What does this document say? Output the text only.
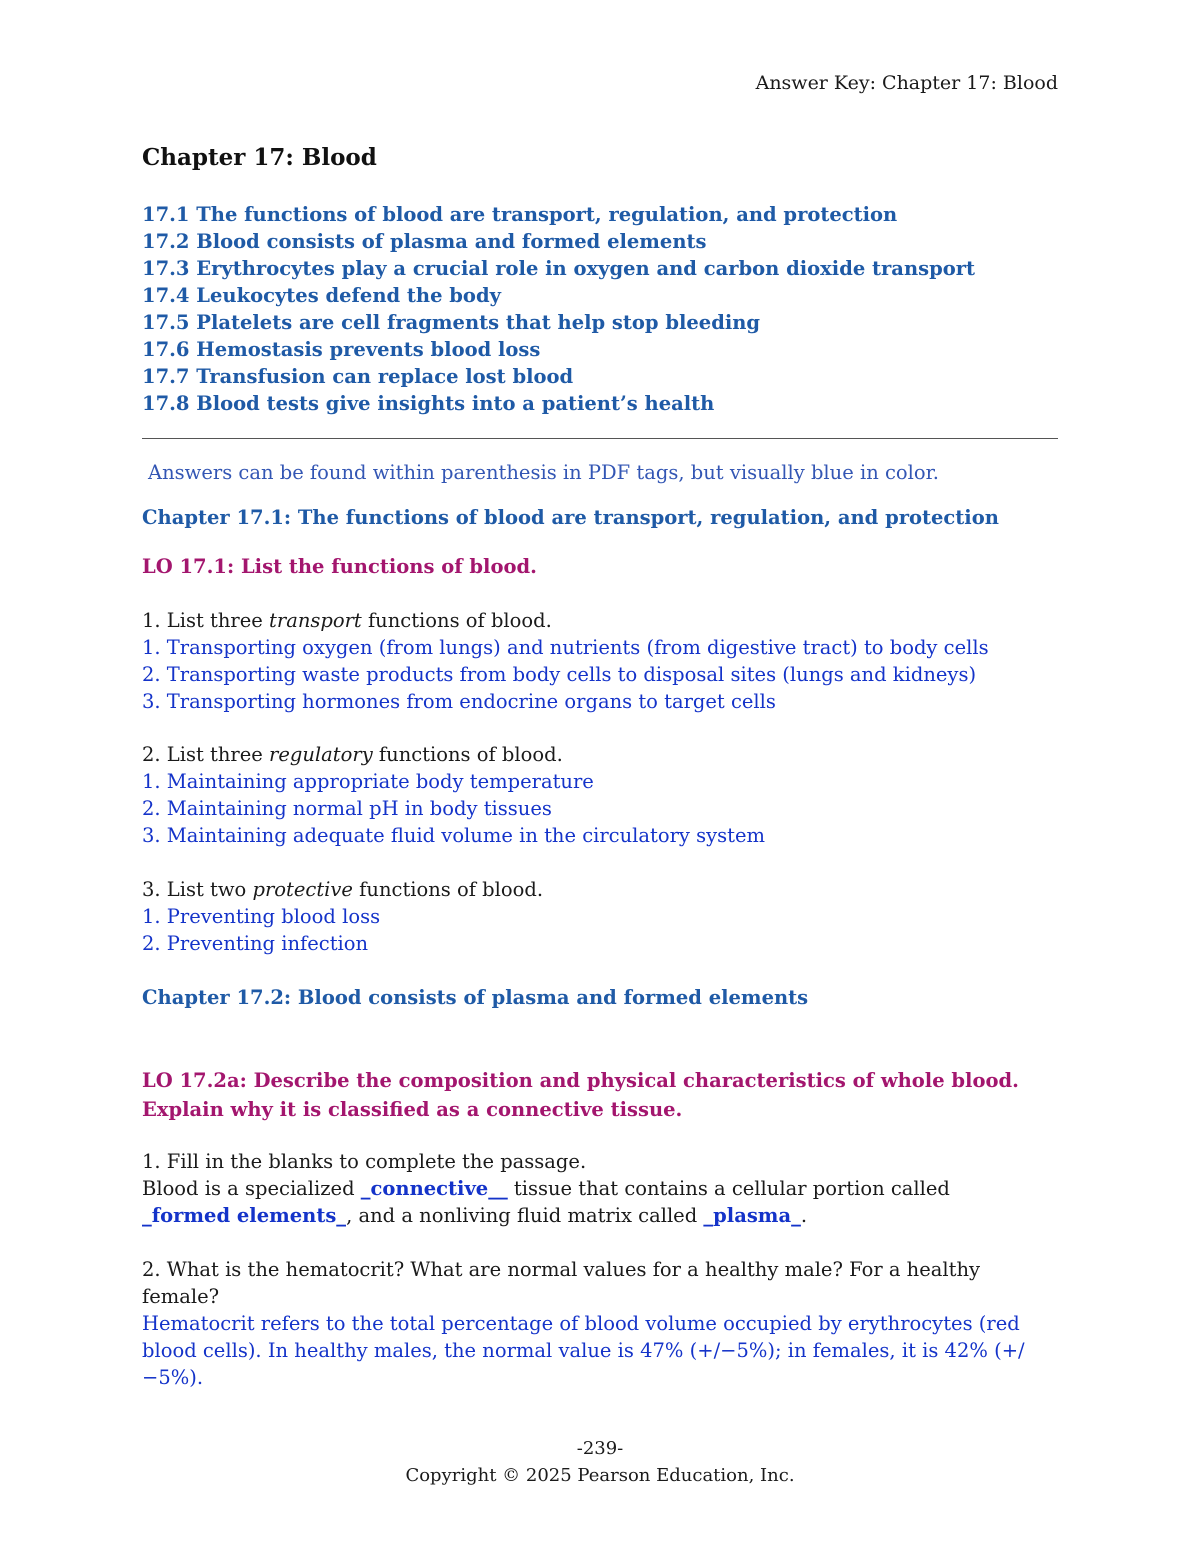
Answer Key: Chapter 17: Blood
Chapter 17: Blood
17.1 The functions of blood are transport, regulation, and protection
17.2 Blood consists of plasma and formed elements
17.3 Erythrocytes play a crucial role in oxygen and carbon dioxide transport
17.4 Leukocytes defend the body
17.5 Platelets are cell fragments that help stop bleeding
17.6 Hemostasis prevents blood loss
17.7 Transfusion can replace lost blood
17.8 Blood tests give insights into a patient’s health
Answers can be found within parenthesis in PDF tags, but visually blue in color.
Chapter 17.1: The functions of blood are transport, regulation, and protection
LO 17.1: List the functions of blood.
1. List three transport functions of blood.
1. Transporting oxygen (from lungs) and nutrients (from digestive tract) to body cells
2. Transporting waste products from body cells to disposal sites (lungs and kidneys)
3. Transporting hormones from endocrine organs to target cells
2. List three regulatory functions of blood.
1. Maintaining appropriate body temperature
2. Maintaining normal pH in body tissues
3. Maintaining adequate fluid volume in the circulatory system
3. List two protective functions of blood.
1. Preventing blood loss
2. Preventing infection
Chapter 17.2: Blood consists of plasma and formed elements
LO 17.2a: Describe the composition and physical characteristics of whole blood. Explain why it is classified as a connective tissue.
1. Fill in the blanks to complete the passage.
Blood is a specialized _connective__ tissue that contains a cellular portion called _formed elements_, and a nonliving fluid matrix called _plasma_.
2. What is the hematocrit? What are normal values for a healthy male? For a healthy female?
Hematocrit refers to the total percentage of blood volume occupied by erythrocytes (red blood cells). In healthy males, the normal value is 47% (+/−5%); in females, it is 42% (+/−5%).
-239-
Copyright © 2025 Pearson Education, Inc.
